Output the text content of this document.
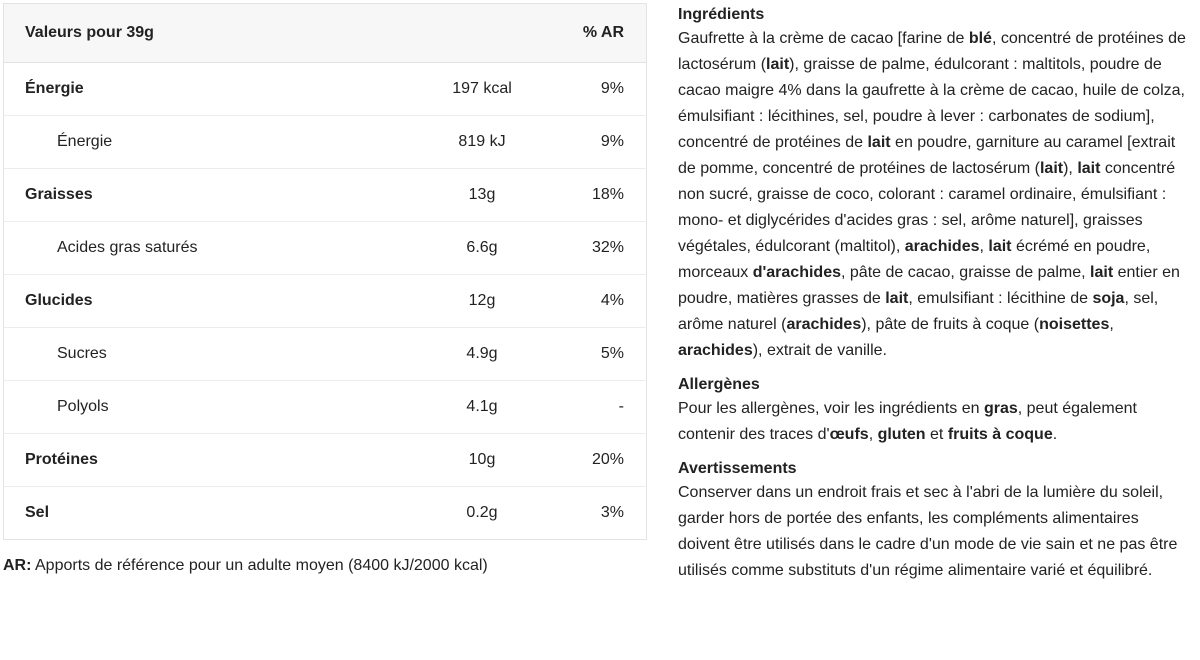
Valeurs pour 39g		% AR
Énergie	197 kcal	9%
Énergie	819 kJ	9%
Graisses	13g	18%
Acides gras saturés	6.6g	32%
Glucides	12g	4%
Sucres	4.9g	5%
Polyols	4.1g	-
Protéines	10g	20%
Sel	0.2g	3%
AR: Apports de référence pour un adulte moyen (8400 kJ/2000 kcal)
Ingrédients

Gaufrette à la crème de cacao [farine de blé, concentré de protéines de lactosérum (lait), graisse de palme, édulcorant : maltitols, poudre de cacao maigre 4% dans la gaufrette à la crème de cacao, huile de colza, émulsifiant : lécithines, sel, poudre à lever : carbonates de sodium], concentré de protéines de lait en poudre, garniture au caramel [extrait de pomme, concentré de protéines de lactosérum (lait), lait concentré non sucré, graisse de coco, colorant : caramel ordinaire, émulsifiant : mono- et diglycérides d'acides gras : sel, arôme naturel], graisses végétales, édulcorant (maltitol), arachides, lait écrémé en poudre, morceaux d'arachides, pâte de cacao, graisse de palme, lait entier en poudre, matières grasses de lait, emulsifiant : lécithine de soja, sel, arôme naturel (arachides), pâte de fruits à coque (noisettes, arachides), extrait de vanille.

Allergènes

Pour les allergènes, voir les ingrédients en gras, peut également contenir des traces d'œufs, gluten et fruits à coque.

Avertissements

Conserver dans un endroit frais et sec à l'abri de la lumière du soleil, garder hors de portée des enfants, les compléments alimentaires doivent être utilisés dans le cadre d'un mode de vie sain et ne pas être utilisés comme substituts d'un régime alimentaire varié et équilibré.
